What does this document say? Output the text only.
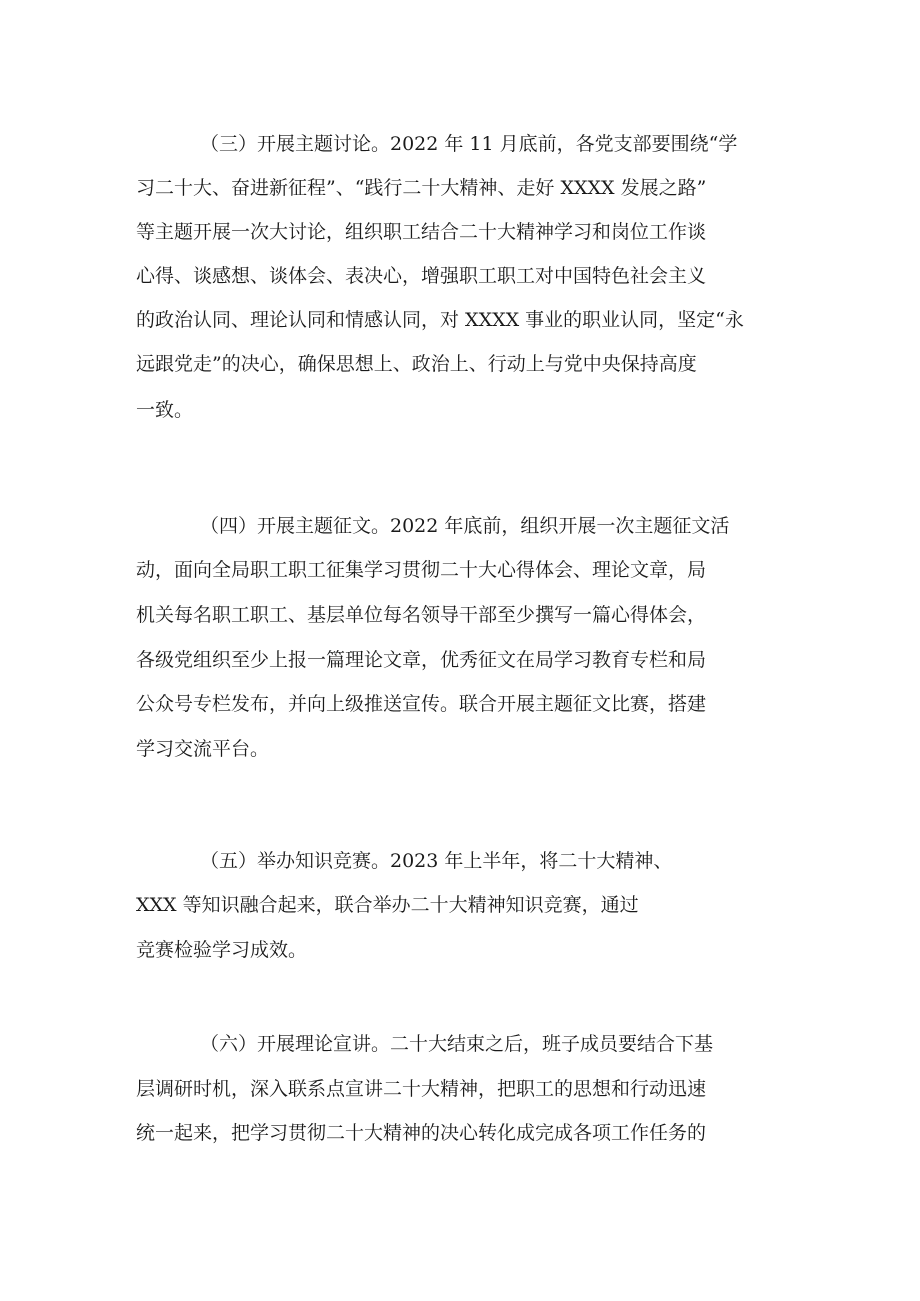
（三）开展主题讨论。2022 年 11 月底前，各党支部要围绕“学
习二十大、奋进新征程”、“践行二十大精神、走好 XXXX 发展之路”
等主题开展一次大讨论，组织职工结合二十大精神学习和岗位工作谈
心得、谈感想、谈体会、表决心，增强职工职工对中国特色社会主义
的政治认同、理论认同和情感认同，对 XXXX 事业的职业认同，坚定“永
远跟党走”的决心，确保思想上、政治上、行动上与党中央保持高度
一致。
（四）开展主题征文。2022 年底前，组织开展一次主题征文活
动，面向全局职工职工征集学习贯彻二十大心得体会、理论文章，局
机关每名职工职工、基层单位每名领导干部至少撰写一篇心得体会，
各级党组织至少上报一篇理论文章，优秀征文在局学习教育专栏和局
公众号专栏发布，并向上级推送宣传。联合开展主题征文比赛，搭建
学习交流平台。
（五）举办知识竞赛。2023 年上半年，将二十大精神、
XXX 等知识融合起来，联合举办二十大精神知识竞赛，通过
竞赛检验学习成效。
（六）开展理论宣讲。二十大结束之后，班子成员要结合下基
层调研时机，深入联系点宣讲二十大精神，把职工的思想和行动迅速
统一起来，把学习贯彻二十大精神的决心转化成完成各项工作任务的
